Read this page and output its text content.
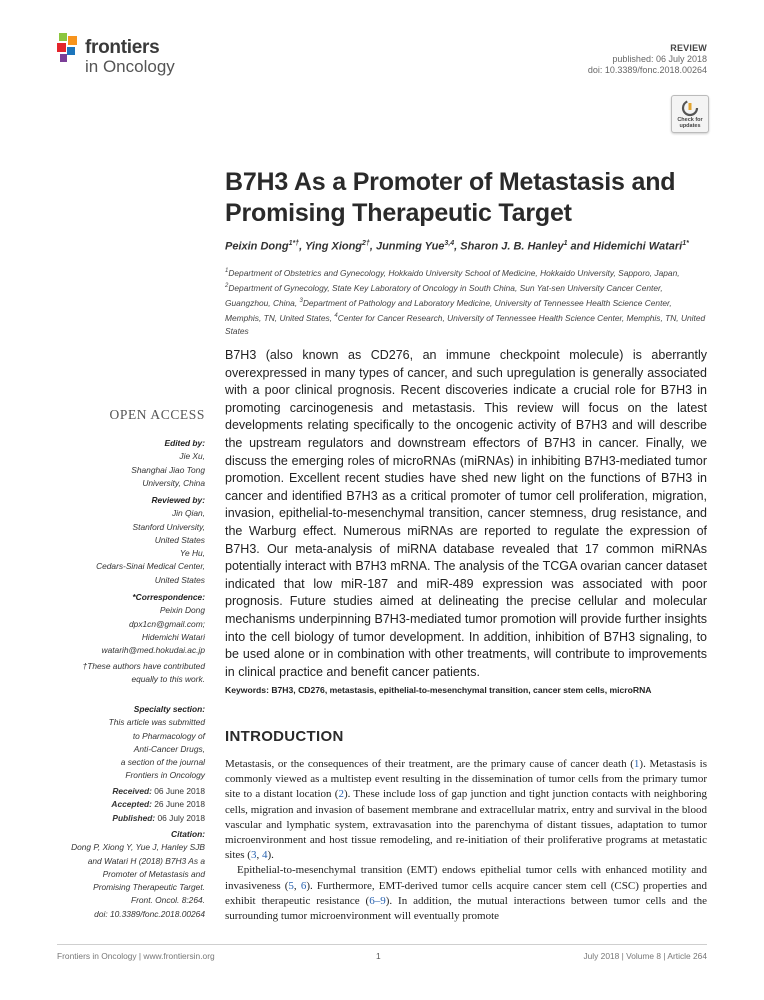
frontiers
in Oncology
REVIEW
published: 06 July 2018
doi: 10.3389/fonc.2018.00264
Check for updates
B7H3 As a Promoter of Metastasis and Promising Therapeutic Target
Peixin Dong$^{1*\dagger}$, Ying Xiong$^{2\dagger}$, Junming Yue$^{3,4}$, Sharon J. B. Hanley$^1$ and Hidemichi Watari$^{1*}$
$^1$Department of Obstetrics and Gynecology, Hokkaido University School of Medicine, Hokkaido University, Sapporo, Japan, $^2$Department of Gynecology, State Key Laboratory of Oncology in South China, Sun Yat-sen University Cancer Center, Guangzhou, China, $^3$Department of Pathology and Laboratory Medicine, University of Tennessee Health Science Center, Memphis, TN, United States, $^4$Center for Cancer Research, University of Tennessee Health Science Center, Memphis, TN, United States
B7H3 (also known as CD276, an immune checkpoint molecule) is aberrantly overexpressed in many types of cancer, and such upregulation is generally associated with a poor clinical prognosis. Recent discoveries indicate a crucial role for B7H3 in promoting carcinogenesis and metastasis. This review will focus on the latest developments relating specifically to the oncogenic activity of B7H3 and will describe the upstream regulators and downstream effectors of B7H3 in cancer. Finally, we discuss the emerging roles of microRNAs (miRNAs) in inhibiting B7H3-mediated tumor promotion. Excellent recent studies have shed new light on the functions of B7H3 in cancer and identified B7H3 as a critical promoter of tumor cell proliferation, migration, invasion, epithelial-to-mesenchymal transition, cancer stemness, drug resistance, and the Warburg effect. Numerous miRNAs are reported to regulate the expression of B7H3. Our meta-analysis of miRNA database revealed that 17 common miRNAs potentially interact with B7H3 mRNA. The analysis of the TCGA ovarian cancer dataset indicated that low miR-187 and miR-489 expression was associated with poor prognosis. Future studies aimed at delineating the precise cellular and molecular mechanisms underpinning B7H3-mediated tumor promotion will provide further insights into the cell biology of tumor development. In addition, inhibition of B7H3 signaling, to be used alone or in combination with other treatments, will contribute to improvements in clinical practice and benefit cancer patients.
Keywords: B7H3, CD276, metastasis, epithelial-to-mesenchymal transition, cancer stem cells, microRNA
OPEN ACCESS
Edited by:
Jie Xu,
Shanghai Jiao Tong
University, China
Reviewed by:
Jin Qian,
Stanford University,
United States
Ye Hu,
Cedars-Sinai Medical Center,
United States
*Correspondence:
Peixin Dong
dpx1cn@gmail.com;
Hidemichi Watari
watarih@med.hokudai.ac.jp
†These authors have contributed
equally to this work.
Specialty section:
This article was submitted
to Pharmacology of
Anti-Cancer Drugs,
a section of the journal
Frontiers in Oncology
Received: 06 June 2018
Accepted: 26 June 2018
Published: 06 July 2018
Citation:
Dong P, Xiong Y, Yue J, Hanley SJB
and Watari H (2018) B7H3 As a
Promoter of Metastasis and
Promising Therapeutic Target.
Front. Oncol. 8:264.
doi: 10.3389/fonc.2018.00264
INTRODUCTION

Metastasis, or the consequences of their treatment, are the primary cause of cancer death (1). Metastasis is commonly viewed as a multistep event resulting in the dissemination of tumor cells from the primary tumor site to a distant location (2). These include loss of gap junction and tight junction contacts with neighboring cells, migration and invasion of basement membrane and extracellular matrix, entry and survival in the blood vascular and lymphatic system, extravasation into the parenchyma of distant tissues, adaptation to tumor microenvironment and host tissue remodeling, and re-initiation of their proliferative programs at metastatic sites (3, 4).

Epithelial-to-mesenchymal transition (EMT) endows epithelial tumor cells with enhanced motility and invasiveness (5, 6). Furthermore, EMT-derived tumor cells acquire cancer stem cell (CSC) properties and exhibit therapeutic resistance (6–9). In addition, the mutual interactions between tumor cells and the surrounding tumor microenvironment will eventually promote

Frontiers in Oncology | www.frontiersin.org	1	July 2018 | Volume 8 | Article 264
